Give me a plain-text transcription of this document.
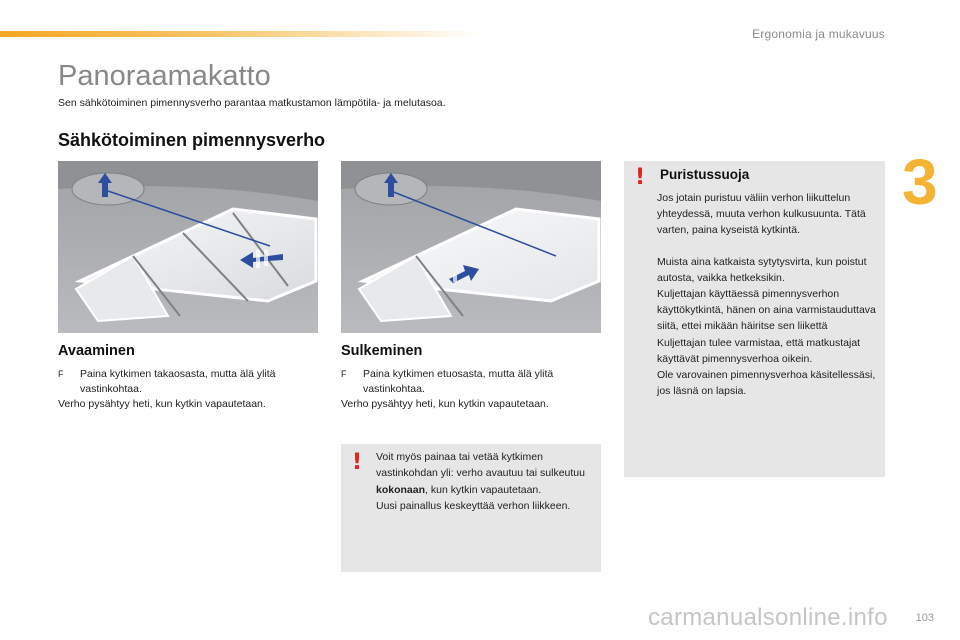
Ergonomia ja mukavuus
3
Panoraamakatto

Sen sähkötoiminen pimennysverho parantaa matkustamon lämpötila- ja melutasoa.

Sähkötoiminen pimennysverho
Avaaminen
F	Paina kytkimen takaosasta, mutta älä ylitä vastinkohtaa.
Verho pysähtyy heti, kun kytkin vapautetaan.
Sulkeminen
F	Paina kytkimen etuosasta, mutta älä ylitä vastinkohtaa.
Verho pysähtyy heti, kun kytkin vapautetaan.
! Voit myös painaa tai vetää kytkimen vastinkohdan yli: verho avautuu tai sulkeutuu kokonaan, kun kytkin vapautetaan.
Uusi painallus keskeyttää verhon liikkeen.
! Puristussuoja

Jos jotain puristuu väliin verhon liikuttelun yhteydessä, muuta verhon kulkusuunta. Tätä varten, paina kyseistä kytkintä.

Muista aina katkaista sytytysvirta, kun poistut autosta, vaikka hetkeksikin.

Kuljettajan käyttäessä pimennysverhon käyttökytkintä, hänen on aina varmistauduttava siitä, ettei mikään häiritse sen liikettä

Kuljettajan tulee varmistaa, että matkustajat käyttävät pimennysverhoa oikein.

Ole varovainen pimennysverhoa käsitellessäsi, jos läsnä on lapsia.

carmanualsonline.info	103
